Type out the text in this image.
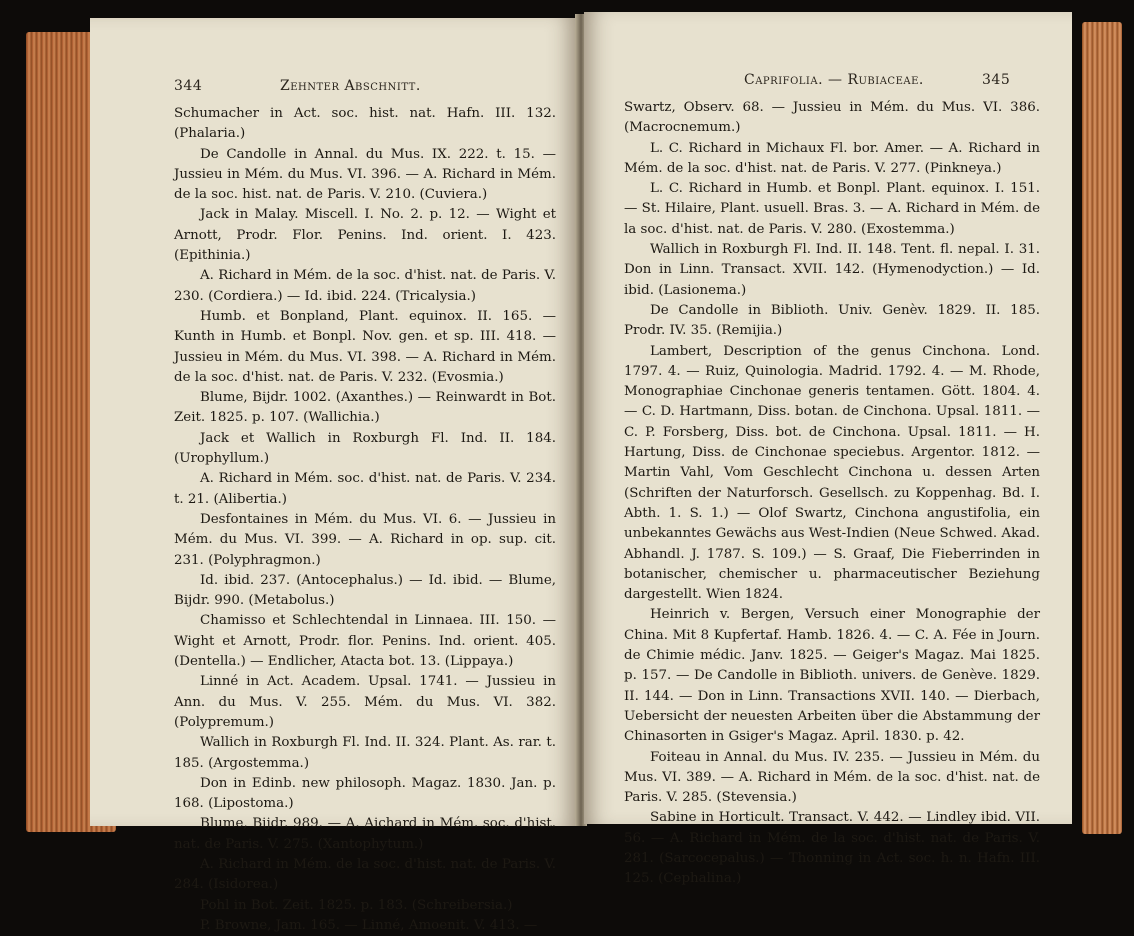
344	Zehnter Abschnitt.

Schumacher in Act. soc. hist. nat. Hafn. III. 132. (Phalaria.)

De Candolle in Annal. du Mus. IX. 222. t. 15. — Jussieu in Mém. du Mus. VI. 396. — A. Richard in Mém. de la soc. hist. nat. de Paris. V. 210. (Cuviera.)

Jack in Malay. Miscell. I. No. 2. p. 12. — Wight et Arnott, Prodr. Flor. Penins. Ind. orient. I. 423. (Epithinia.)

A. Richard in Mém. de la soc. d'hist. nat. de Paris. V. 230. (Cordiera.) — Id. ibid. 224. (Tricalysia.)

Humb. et Bonpland, Plant. equinox. II. 165. — Kunth in Humb. et Bonpl. Nov. gen. et sp. III. 418. — Jussieu in Mém. du Mus. VI. 398. — A. Richard in Mém. de la soc. d'hist. nat. de Paris. V. 232. (Evosmia.)

Blume, Bijdr. 1002. (Axanthes.) — Reinwardt in Bot. Zeit. 1825. p. 107. (Wallichia.)

Jack et Wallich in Roxburgh Fl. Ind. II. 184. (Urophyllum.)

A. Richard in Mém. soc. d'hist. nat. de Paris. V. 234. t. 21. (Alibertia.)

Desfontaines in Mém. du Mus. VI. 6. — Jussieu in Mém. du Mus. VI. 399. — A. Richard in op. sup. cit. 231. (Polyphragmon.)

Id. ibid. 237. (Antocephalus.) — Id. ibid. — Blume, Bijdr. 990. (Metabolus.)

Chamisso et Schlechtendal in Linnaea. III. 150. — Wight et Arnott, Prodr. flor. Penins. Ind. orient. 405. (Dentella.) — Endlicher, Atacta bot. 13. (Lippaya.)

Linné in Act. Academ. Upsal. 1741. — Jussieu in Ann. du Mus. V. 255. Mém. du Mus. VI. 382. (Polypremum.)

Wallich in Roxburgh Fl. Ind. II. 324. Plant. As. rar. t. 185. (Argostemma.)

Don in Edinb. new philosoph. Magaz. 1830. Jan. p. 168. (Lipostoma.)

Blume, Bijdr. 989. — A. Aichard in Mém. soc. d'hist. nat. de Paris. V. 275. (Xantophytum.)

A. Richard in Mém. de la soc. d'hist. nat. de Paris. V. 284. (Isidorea.)

Pohl in Bot. Zeit. 1825. p. 183. (Schreibersia.)

P. Browne, Jam. 165. — Linné, Amoenit. V. 413. —

Caprifolia. — Rubiaceae.	345

Swartz, Observ. 68. — Jussieu in Mém. du Mus. VI. 386. (Macrocnemum.)

L. C. Richard in Michaux Fl. bor. Amer. — A. Richard in Mém. de la soc. d'hist. nat. de Paris. V. 277. (Pinkneya.)

L. C. Richard in Humb. et Bonpl. Plant. equinox. I. 151. — St. Hilaire, Plant. usuell. Bras. 3. — A. Richard in Mém. de la soc. d'hist. nat. de Paris. V. 280. (Exostemma.)

Wallich in Roxburgh Fl. Ind. II. 148. Tent. fl. nepal. I. 31. Don in Linn. Transact. XVII. 142. (Hymenodyction.) — Id. ibid. (Lasionema.)

De Candolle in Biblioth. Univ. Genèv. 1829. II. 185. Prodr. IV. 35. (Remijia.)

Lambert, Description of the genus Cinchona. Lond. 1797. 4. — Ruiz, Quinologia. Madrid. 1792. 4. — M. Rhode, Monographiae Cinchonae generis tentamen. Gött. 1804. 4. — C. D. Hartmann, Diss. botan. de Cinchona. Upsal. 1811. — C. P. Forsberg, Diss. bot. de Cinchona. Upsal. 1811. — H. Hartung, Diss. de Cinchonae speciebus. Argentor. 1812. — Martin Vahl, Vom Geschlecht Cinchona u. dessen Arten (Schriften der Naturforsch. Gesellsch. zu Koppenhag. Bd. I. Abth. 1. S. 1.) — Olof Swartz, Cinchona angustifolia, ein unbekanntes Gewächs aus West-Indien (Neue Schwed. Akad. Abhandl. J. 1787. S. 109.) — S. Graaf, Die Fieberrinden in botanischer, chemischer u. pharmaceutischer Beziehung dargestellt. Wien 1824.

Heinrich v. Bergen, Versuch einer Monographie der China. Mit 8 Kupfertaf. Hamb. 1826. 4. — C. A. Fée in Journ. de Chimie médic. Janv. 1825. — Geiger's Magaz. Mai 1825. p. 157. — De Candolle in Biblioth. univers. de Genève. 1829. II. 144. — Don in Linn. Transactions XVII. 140. — Dierbach, Uebersicht der neuesten Arbeiten über die Abstammung der Chinasorten in Gsiger's Magaz. April. 1830. p. 42.

Foiteau in Annal. du Mus. IV. 235. — Jussieu in Mém. du Mus. VI. 389. — A. Richard in Mém. de la soc. d'hist. nat. de Paris. V. 285. (Stevensia.)

Sabine in Horticult. Transact. V. 442. — Lindley ibid. VII. 56. — A. Richard in Mém. de la soc. d'hist. nat. de Paris. V. 281. (Sarcocepalus.) — Thonning in Act. soc. h. n. Hafn. III. 125. (Cephalina.)
